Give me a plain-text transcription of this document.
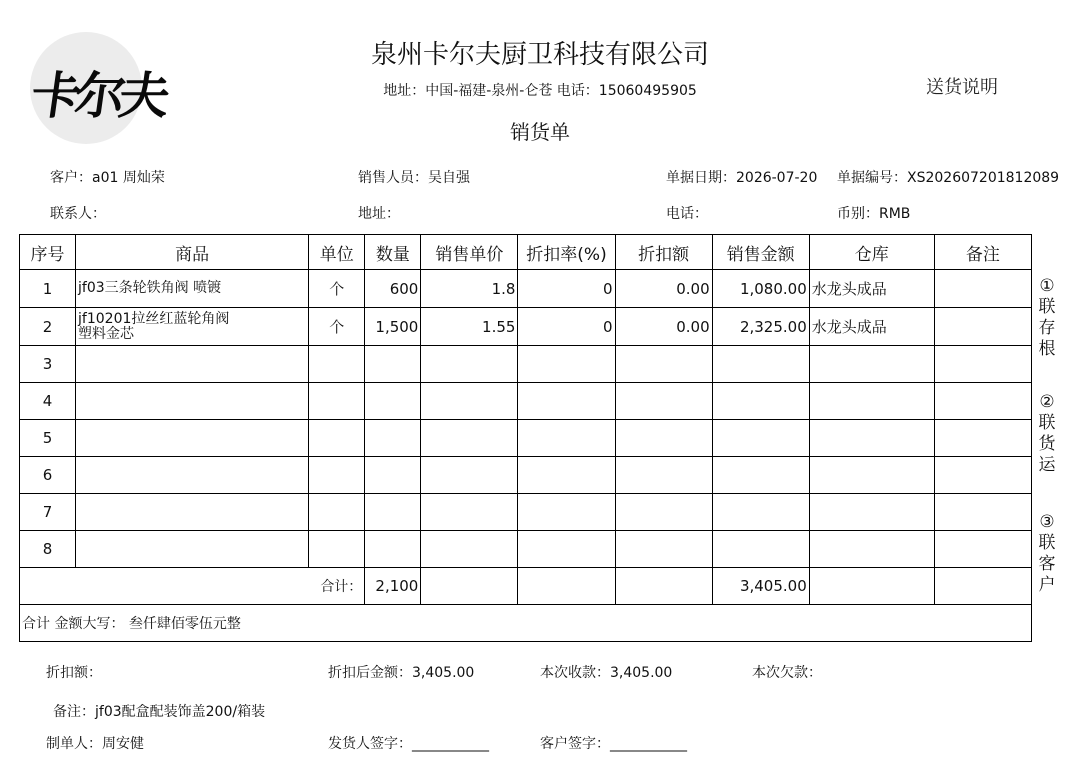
卡尔夫
泉州卡尔夫厨卫科技有限公司
地址：中国-福建-泉州-仑苍 电话：15060495905
销货单
送货说明
客户：a01 周灿荣	销售人员：吴自强	单据日期：2026-07-20 单据编号：XS202607201812089
联系人：	地址：	电话：	币别：RMB
序号	商品	单位	数量	销售单价	折扣率(%)	折扣额	销售金额	仓库	备注
1	jf03三条轮铁角阀 喷镀	个	600	1.8	0	0.00	1,080.00	水龙头成品	
2	jf10201拉丝红蓝轮角阀
塑料金芯	个	1,500	1.55	0	0.00	2,325.00	水龙头成品	
3									
4									
5									
6									
7									
8									
合计：			2,100				3,405.00		
合计 金额大写： 叁仟肆佰零伍元整									
①
联
存
根
②
联
货
运
③
联
客
户
折扣额：	折扣后金额：3,405.00	本次收款：3,405.00	本次欠款：
备注：jf03配盒配装饰盖200/箱装
制单人：周安健	发货人签字：___________	客户签字：___________
